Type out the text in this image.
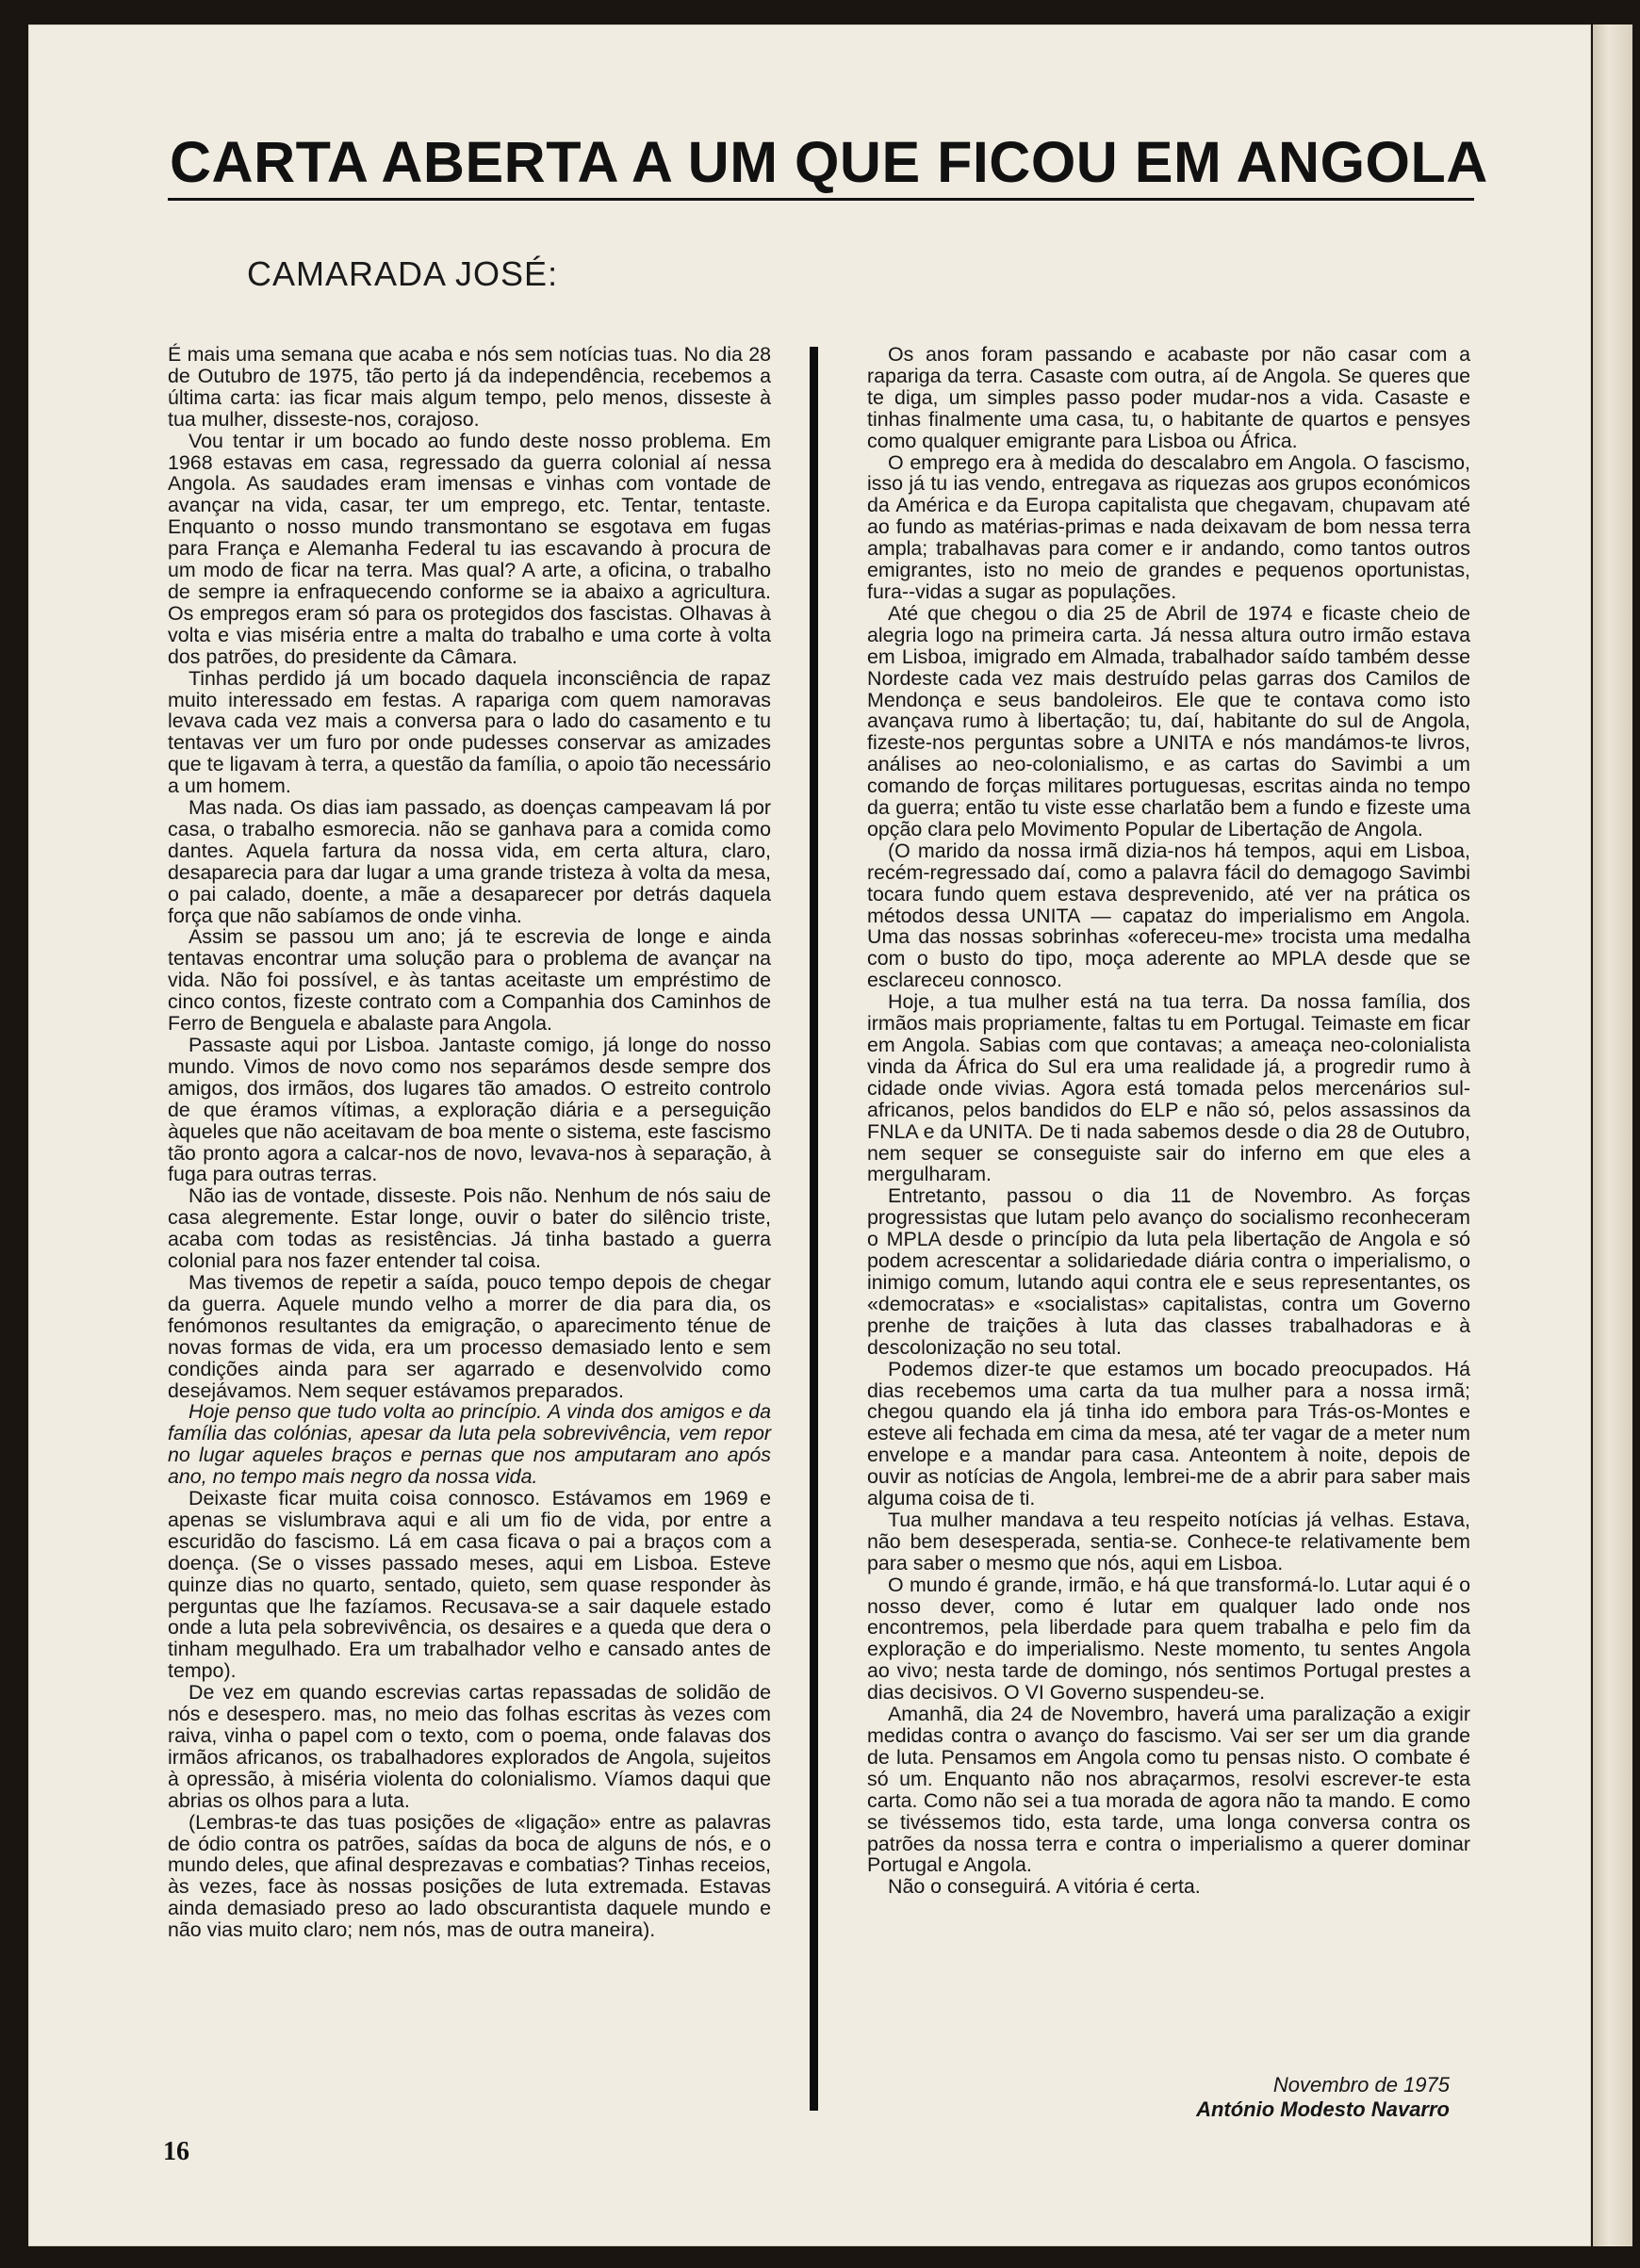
CARTA ABERTA A UM QUE FICOU EM ANGOLA
CAMARADA JOSÉ:

É mais uma semana que acaba e nós sem notícias tuas. No dia 28 de Outubro de 1975, tão perto já da independência, recebemos a última carta: ias ficar mais algum tempo, pelo menos, disseste à tua mulher, disseste-nos, corajoso.

Vou tentar ir um bocado ao fundo deste nosso problema. Em 1968 estavas em casa, regressado da guerra colonial aí nessa Angola. As saudades eram imensas e vinhas com vontade de avançar na vida, casar, ter um emprego, etc. Tentar, tentaste. Enquanto o nosso mundo transmontano se esgotava em fugas para França e Alemanha Federal tu ias escavando à procura de um modo de ficar na terra. Mas qual? A arte, a oficina, o trabalho de sempre ia enfraquecendo conforme se ia abaixo a agricultura. Os empregos eram só para os protegidos dos fascistas. Olhavas à volta e vias miséria entre a malta do trabalho e uma corte à volta dos patrões, do presidente da Câmara.

Tinhas perdido já um bocado daquela inconsciência de rapaz muito interessado em festas. A rapariga com quem namoravas levava cada vez mais a conversa para o lado do casamento e tu tentavas ver um furo por onde pudesses conservar as amizades que te ligavam à terra, a questão da família, o apoio tão necessário a um homem.

Mas nada. Os dias iam passado, as doenças campeavam lá por casa, o trabalho esmorecia. não se ganhava para a comida como dantes. Aquela fartura da nossa vida, em certa altura, claro, desaparecia para dar lugar a uma grande tristeza à volta da mesa, o pai calado, doente, a mãe a desaparecer por detrás daquela força que não sabíamos de onde vinha.

Assim se passou um ano; já te escrevia de longe e ainda tentavas encontrar uma solução para o problema de avançar na vida. Não foi possível, e às tantas aceitaste um empréstimo de cinco contos, fizeste contrato com a Companhia dos Caminhos de Ferro de Benguela e abalaste para Angola.

Passaste aqui por Lisboa. Jantaste comigo, já longe do nosso mundo. Vimos de novo como nos separámos desde sempre dos amigos, dos irmãos, dos lugares tão amados. O estreito controlo de que éramos vítimas, a exploração diária e a perseguição àqueles que não aceitavam de boa mente o sistema, este fascismo tão pronto agora a calcar-nos de novo, levava-nos à separação, à fuga para outras terras.

Não ias de vontade, disseste. Pois não. Nenhum de nós saiu de casa alegremente. Estar longe, ouvir o bater do silêncio triste, acaba com todas as resistências. Já tinha bastado a guerra colonial para nos fazer entender tal coisa.

Mas tivemos de repetir a saída, pouco tempo depois de chegar da guerra. Aquele mundo velho a morrer de dia para dia, os fenómonos resultantes da emigração, o aparecimento ténue de novas formas de vida, era um processo demasiado lento e sem condições ainda para ser agarrado e desenvolvido como desejávamos. Nem sequer estávamos preparados.

Hoje penso que tudo volta ao princípio. A vinda dos amigos e da família das colónias, apesar da luta pela sobrevivência, vem repor no lugar aqueles braços e pernas que nos amputaram ano após ano, no tempo mais negro da nossa vida.

Deixaste ficar muita coisa connosco. Estávamos em 1969 e apenas se vislumbrava aqui e ali um fio de vida, por entre a escuridão do fascismo. Lá em casa ficava o pai a braços com a doença. (Se o visses passado meses, aqui em Lisboa. Esteve quinze dias no quarto, sentado, quieto, sem quase responder às perguntas que lhe fazíamos. Recusava-se a sair daquele estado onde a luta pela sobrevivência, os desaires e a queda que dera o tinham megulhado. Era um trabalhador velho e cansado antes de tempo).

De vez em quando escrevias cartas repassadas de solidão de nós e desespero. mas, no meio das folhas escritas às vezes com raiva, vinha o papel com o texto, com o poema, onde falavas dos irmãos africanos, os trabalhadores explorados de Angola, sujeitos à opressão, à miséria violenta do colonialismo. Víamos daqui que abrias os olhos para a luta.

(Lembras-te das tuas posições de «ligação» entre as palavras de ódio contra os patrões, saídas da boca de alguns de nós, e o mundo deles, que afinal desprezavas e combatias? Tinhas receios, às vezes, face às nossas posições de luta extremada. Estavas ainda demasiado preso ao lado obscurantista daquele mundo e não vias muito claro; nem nós, mas de outra maneira).

Os anos foram passando e acabaste por não casar com a rapariga da terra. Casaste com outra, aí de Angola. Se queres que te diga, um simples passo poder mudar-nos a vida. Casaste e tinhas finalmente uma casa, tu, o habitante de quartos e pensyes como qualquer emigrante para Lisboa ou África.

O emprego era à medida do descalabro em Angola. O fascismo, isso já tu ias vendo, entregava as riquezas aos grupos económicos da América e da Europa capitalista que chegavam, chupavam até ao fundo as matérias-primas e nada deixavam de bom nessa terra ampla; trabalhavas para comer e ir andando, como tantos outros emigrantes, isto no meio de grandes e pequenos oportunistas, fura--vidas a sugar as populações.

Até que chegou o dia 25 de Abril de 1974 e ficaste cheio de alegria logo na primeira carta. Já nessa altura outro irmão estava em Lisboa, imigrado em Almada, trabalhador saído também desse Nordeste cada vez mais destruído pelas garras dos Camilos de Mendonça e seus bandoleiros. Ele que te contava como isto avançava rumo à libertação; tu, daí, habitante do sul de Angola, fizeste-nos perguntas sobre a UNITA e nós mandámos-te livros, análises ao neo-colonialismo, e as cartas do Savimbi a um comando de forças militares portuguesas, escritas ainda no tempo da guerra; então tu viste esse charlatão bem a fundo e fizeste uma opção clara pelo Movimento Popular de Libertação de Angola.

(O marido da nossa irmã dizia-nos há tempos, aqui em Lisboa, recém-regressado daí, como a palavra fácil do demagogo Savimbi tocara fundo quem estava desprevenido, até ver na prática os métodos dessa UNITA — capataz do imperialismo em Angola. Uma das nossas sobrinhas «ofereceu-me» trocista uma medalha com o busto do tipo, moça aderente ao MPLA desde que se esclareceu connosco.

Hoje, a tua mulher está na tua terra. Da nossa família, dos irmãos mais propriamente, faltas tu em Portugal. Teimaste em ficar em Angola. Sabias com que contavas; a ameaça neo-colonialista vinda da África do Sul era uma realidade já, a progredir rumo à cidade onde vivias. Agora está tomada pelos mercenários sul-africanos, pelos bandidos do ELP e não só, pelos assassinos da FNLA e da UNITA. De ti nada sabemos desde o dia 28 de Outubro, nem sequer se conseguiste sair do inferno em que eles a mergulharam.

Entretanto, passou o dia 11 de Novembro. As forças progressistas que lutam pelo avanço do socialismo reconheceram o MPLA desde o princípio da luta pela libertação de Angola e só podem acrescentar a solidariedade diária contra o imperialismo, o inimigo comum, lutando aqui contra ele e seus representantes, os «democratas» e «socialistas» capitalistas, contra um Governo prenhe de traições à luta das classes trabalhadoras e à descolonização no seu total.

Podemos dizer-te que estamos um bocado preocupados. Há dias recebemos uma carta da tua mulher para a nossa irmã; chegou quando ela já tinha ido embora para Trás-os-Montes e esteve ali fechada em cima da mesa, até ter vagar de a meter num envelope e a mandar para casa. Anteontem à noite, depois de ouvir as notícias de Angola, lembrei-me de a abrir para saber mais alguma coisa de ti.

Tua mulher mandava a teu respeito notícias já velhas. Estava, não bem desesperada, sentia-se. Conhece-te relativamente bem para saber o mesmo que nós, aqui em Lisboa.

O mundo é grande, irmão, e há que transformá-lo. Lutar aqui é o nosso dever, como é lutar em qualquer lado onde nos encontremos, pela liberdade para quem trabalha e pelo fim da exploração e do imperialismo. Neste momento, tu sentes Angola ao vivo; nesta tarde de domingo, nós sentimos Portugal prestes a dias decisivos. O VI Governo suspendeu-se.

Amanhã, dia 24 de Novembro, haverá uma paralização a exigir medidas contra o avanço do fascismo. Vai ser ser um dia grande de luta. Pensamos em Angola como tu pensas nisto. O combate é só um. Enquanto não nos abraçarmos, resolvi escrever-te esta carta. Como não sei a tua morada de agora não ta mando. E como se tivéssemos tido, esta tarde, uma longa conversa contra os patrões da nossa terra e contra o imperialismo a querer dominar Portugal e Angola.

Não o conseguirá. A vitória é certa.

Novembro de 1975
António Modesto Navarro
16
